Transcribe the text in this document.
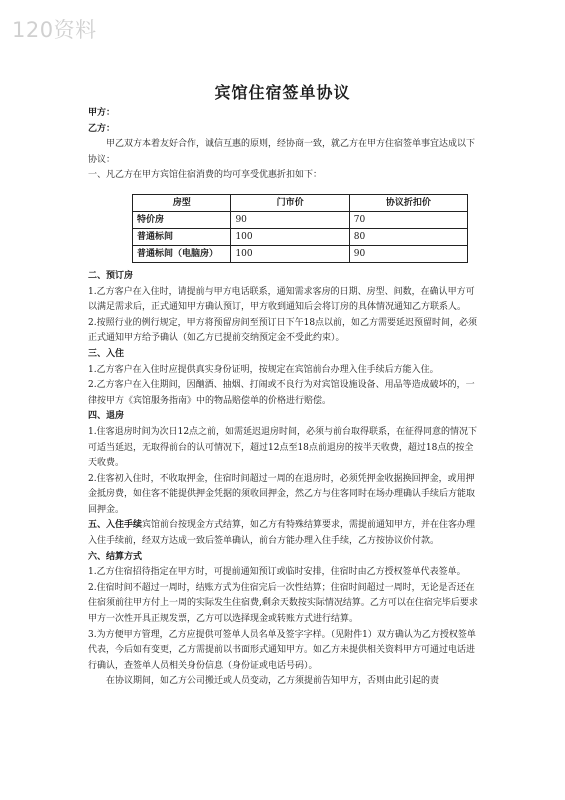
120资料
宾馆住宿签单协议

甲方：

乙方：

甲乙双方本着友好合作，诚信互惠的原则，经协商一致，就乙方在甲方住宿签单事宜达成以下协议：

一、凡乙方在甲方宾馆住宿消费的均可享受优惠折扣如下：

房型	门市价	协议折扣价
特价房	90	70
普通标间	100	80
普通标间（电脑房）	100	90

二、预订房

1.乙方客户在入住时，请提前与甲方电话联系，通知需求客房的日期、房型、间数，在确认甲方可以满足需求后，正式通知甲方确认预订，甲方收到通知后会将订房的具体情况通知乙方联系人。

2.按照行业的例行规定，甲方将预留房间至预订日下午18点以前，如乙方需要延迟预留时间，必须正式通知甲方给予确认（如乙方已提前交纳预定金不受此约束）。

三、入住

1.乙方客户在入住时应提供真实身份证明，按规定在宾馆前台办理入住手续后方能入住。

2.乙方客户在入住期间，因酗酒、抽烟、打闹或不良行为对宾馆设施设备、用品等造成破坏的，一律按甲方《宾馆服务指南》中的物品赔偿单的价格进行赔偿。

四、退房

1.住客退房时间为次日12点之前，如需延迟退房时间，必须与前台取得联系，在征得同意的情况下可适当延迟，无取得前台的认可情况下，超过12点至18点前退房的按半天收费，超过18点的按全天收费。

2.住客初入住时，不收取押金，住宿时间超过一周的在退房时，必须凭押金收据换回押金，或用押金抵房费，如住客不能提供押金凭据的须收回押金，然乙方与住客同时在场办理确认手续后方能取回押金。

五、入住手续宾馆前台按现金方式结算，如乙方有特殊结算要求，需提前通知甲方，并在住客办理入住手续前，经双方达成一致后签单确认，前台方能办理入住手续，乙方按协议价付款。

六、结算方式

1.乙方住宿招待指定在甲方时，可提前通知预订或临时安排，住宿时由乙方授权签单代表签单。

2.住宿时间不超过一周时，结账方式为住宿完后一次性结算；住宿时间超过一周时，无论是否还在住宿须前往甲方付上一周的实际发生住宿费,剩余天数按实际情况结算。乙方可以在住宿完毕后要求甲方一次性开具正规发票，乙方可以选择现金或转账方式进行结算。

3.为方便甲方管理，乙方应提供可签单人员名单及签字字样。（见附件1）双方确认为乙方授权签单代表，今后如有变更，乙方需提前以书面形式通知甲方。如乙方未提供相关资料甲方可通过电话进行确认，查签单人员相关身份信息（身份证或电话号码）。

在协议期间，如乙方公司搬迁或人员变动，乙方须提前告知甲方，否则由此引起的责
